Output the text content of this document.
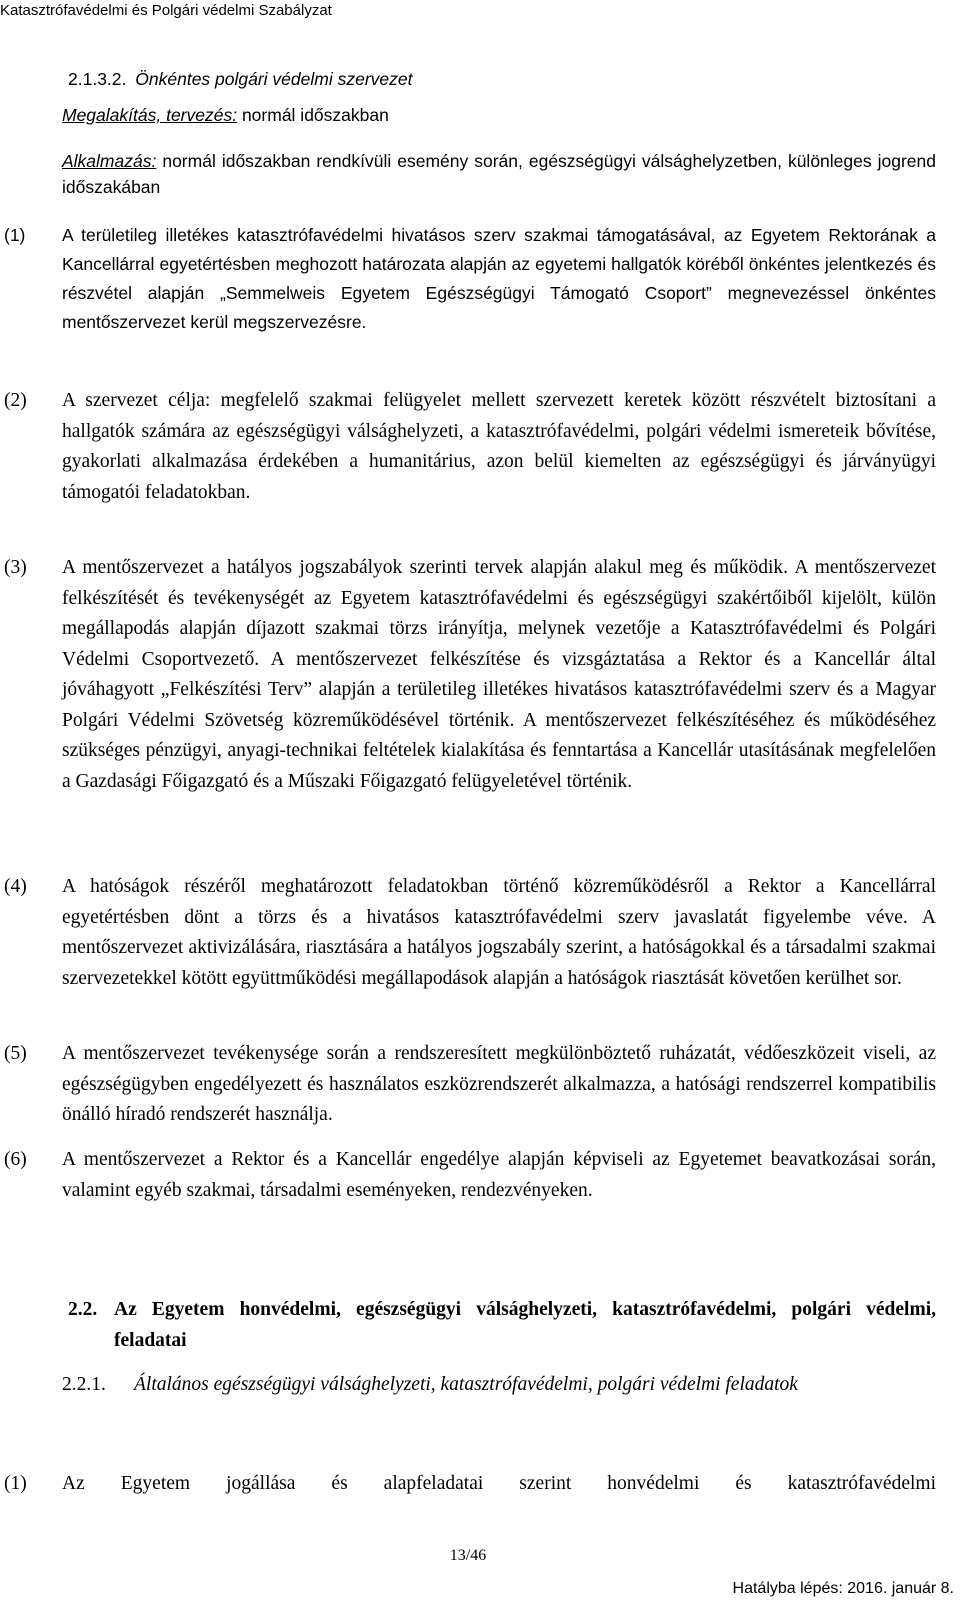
Katasztrófavédelmi és Polgári védelmi Szabályzat
2.1.3.2. Önkéntes polgári védelmi szervezet
Megalakítás, tervezés: normál időszakban
Alkalmazás: normál időszakban rendkívüli esemény során, egészségügyi válsághelyzetben, különleges jogrend időszakában
(1) A területileg illetékes katasztrófavédelmi hivatásos szerv szakmai támogatásával, az Egyetem Rektorának a Kancellárral egyetértésben meghozott határozata alapján az egyetemi hallgatók köréből önkéntes jelentkezés és részvétel alapján „Semmelweis Egyetem Egészségügyi Támogató Csoport” megnevezéssel önkéntes mentőszervezet kerül megszervezésre.
(2) A szervezet célja: megfelelő szakmai felügyelet mellett szervezett keretek között részvételt biztosítani a hallgatók számára az egészségügyi válsághelyzeti, a katasztrófavédelmi, polgári védelmi ismereteik bővítése, gyakorlati alkalmazása érdekében a humanitárius, azon belül kiemelten az egészségügyi és járványügyi támogatói feladatokban.
(3) A mentőszervezet a hatályos jogszabályok szerinti tervek alapján alakul meg és működik. A mentőszervezet felkészítését és tevékenységét az Egyetem katasztrófavédelmi és egészségügyi szakértőiből kijelölt, külön megállapodás alapján díjazott szakmai törzs irányítja, melynek vezetője a Katasztrófavédelmi és Polgári Védelmi Csoportvezető. A mentőszervezet felkészítése és vizsgáztatása a Rektor és a Kancellár által jóváhagyott „Felkészítési Terv” alapján a területileg illetékes hivatásos katasztrófavédelmi szerv és a Magyar Polgári Védelmi Szövetség közreműködésével történik. A mentőszervezet felkészítéséhez és működéséhez szükséges pénzügyi, anyagi-technikai feltételek kialakítása és fenntartása a Kancellár utasításának megfelelően a Gazdasági Főigazgató és a Műszaki Főigazgató felügyeletével történik.
(4) A hatóságok részéről meghatározott feladatokban történő közreműködésről a Rektor a Kancellárral egyetértésben dönt a törzs és a hivatásos katasztrófavédelmi szerv javaslatát figyelembe véve. A mentőszervezet aktivizálására, riasztására a hatályos jogszabály szerint, a hatóságokkal és a társadalmi szakmai szervezetekkel kötött együttműködési megállapodások alapján a hatóságok riasztását követően kerülhet sor.
(5) A mentőszervezet tevékenysége során a rendszeresített megkülönböztető ruházatát, védőeszközeit viseli, az egészségügyben engedélyezett és használatos eszközrendszerét alkalmazza, a hatósági rendszerrel kompatibilis önálló híradó rendszerét használja.
(6) A mentőszervezet a Rektor és a Kancellár engedélye alapján képviseli az Egyetemet beavatkozásai során, valamint egyéb szakmai, társadalmi eseményeken, rendezvényeken.
2.2. Az Egyetem honvédelmi, egészségügyi válsághelyzeti, katasztrófavédelmi, polgári védelmi, feladatai
2.2.1. Általános egészségügyi válsághelyzeti, katasztrófavédelmi, polgári védelmi feladatok
(1) Az Egyetem jogállása és alapfeladatai szerint honvédelmi és katasztrófavédelmi
13/46
Hatályba lépés: 2016. január 8.
